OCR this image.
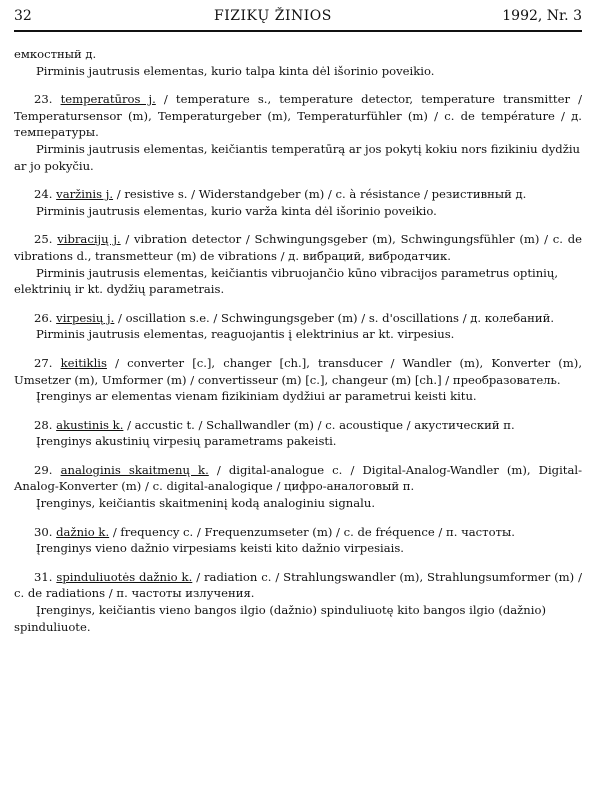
32	FIZIKŲ ŽINIOS	1992, Nr. 3

емкостный д.

Pirminis jautrusis elementas, kurio talpa kinta dėl išorinio poveikio.

23. temperatūros j. / temperature s., temperature detector, temperature transmitter / Temperatursensor (m), Temperaturgeber (m), Temperaturfühler (m) / c. de température / д. температуры.

Pirminis jautrusis elementas, keičiantis temperatūrą ar jos pokytį kokiu nors fizikiniu dydžiu ar jo pokyčiu.

24. varžinis j. / resistive s. / Widerstandgeber (m) / c. à résistance / резистивный д.

Pirminis jautrusis elementas, kurio varža kinta dėl išorinio poveikio.

25. vibracijų j. / vibration detector / Schwingungsgeber (m), Schwingungsfühler (m) / c. de vibrations d., transmetteur (m) de vibrations / д. вибраций, вибродатчик.

Pirminis jautrusis elementas, keičiantis vibruojančio kūno vibracijos parametrus optinių, elektrinių ir kt. dydžių parametrais.

26. virpesių j. / oscillation s.e. / Schwingungsgeber (m) / s. d'oscillations / д. колебаний.

Pirminis jautrusis elementas, reaguojantis į elektrinius ar kt. virpesius.

27. keitiklis / converter [c.], changer [ch.], transducer / Wandler (m), Konverter (m), Umsetzer (m), Umformer (m) / convertisseur (m) [c.], changeur (m) [ch.] / преобразователь.

Įrenginys ar elementas vienam fizikiniam dydžiui ar parametrui keisti kitu.

28. akustinis k. / accustic t. / Schallwandler (m) / c. acoustique / акустический п.

Įrenginys akustinių virpesių parametrams pakeisti.

29. analoginis skaitmenų k. / digital-analogue c. / Digital-Analog-Wandler (m), Digital-Analog-Konverter (m) / c. digital-analogique / цифро-аналоговый п.

Įrenginys, keičiantis skaitmeninį kodą analoginiu signalu.

30. dažnio k. / frequency c. / Frequenzumseter (m) / c. de fréquence / п. частоты.

Įrenginys vieno dažnio virpesiams keisti kito dažnio virpesiais.

31. spinduliuotės dažnio k. / radiation c. / Strahlungswandler (m), Strahlungsumformer (m) / c. de radiations / п. частоты излучения.

Įrenginys, keičiantis vieno bangos ilgio (dažnio) spinduliuotę kito bangos ilgio (dažnio) spinduliuote.
